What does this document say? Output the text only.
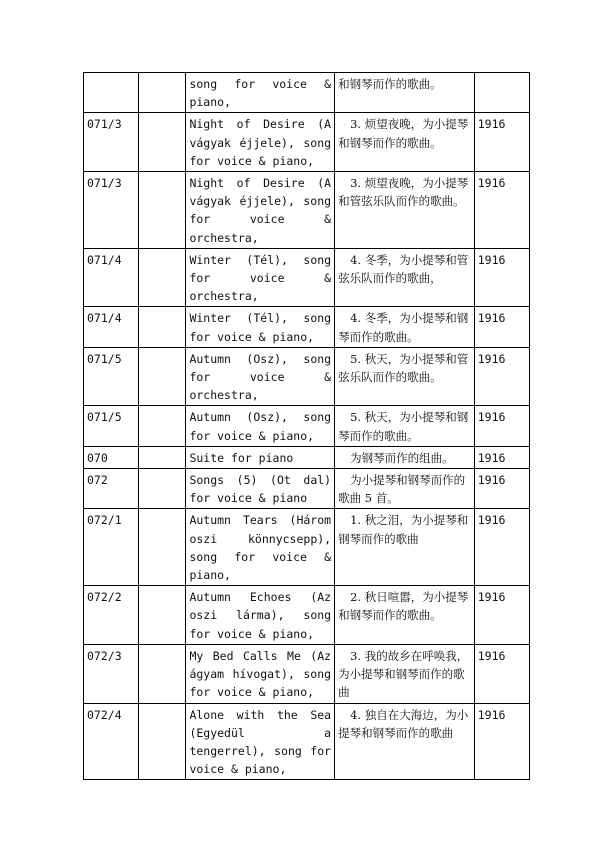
		song for voice & piano,	和钢琴而作的歌曲。	
071/3		Night of Desire (A vágyak éjjele), song for voice & piano,	3. 烦望夜晚，为小提琴和钢琴而作的歌曲。	1916
071/3		Night of Desire (A vágyak éjjele), song for voice & orchestra,	3. 烦望夜晚，为小提琴和管弦乐队而作的歌曲。	1916
071/4		Winter (Tél), song for voice & orchestra,	4. 冬季，为小提琴和管弦乐队而作的歌曲，	1916
071/4		Winter (Tél), song for voice & piano,	4. 冬季，为小提琴和钢琴而作的歌曲。	1916
071/5		Autumn (Osz), song for voice & orchestra,	5. 秋天，为小提琴和管弦乐队而作的歌曲。	1916
071/5		Autumn (Osz), song for voice & piano,	5. 秋天，为小提琴和钢琴而作的歌曲。	1916
070		Suite for piano	为钢琴而作的组曲。	1916
072		Songs (5) (Ot dal) for voice & piano	为小提琴和钢琴而作的歌曲 5 首。	1916
072/1		Autumn Tears (Három oszi könnycsepp), song for voice & piano,	1. 秋之泪，为小提琴和钢琴而作的歌曲	1916
072/2		Autumn Echoes (Az oszi lárma), song for voice & piano,	2. 秋日喧嚣，为小提琴和钢琴而作的歌曲。	1916
072/3		My Bed Calls Me (Az ágyam hívogat), song for voice & piano,	3. 我的故乡在呼唤我，为小提琴和钢琴而作的歌曲	1916
072/4		Alone with the Sea (Egyedül a tengerrel), song for voice & piano,	4. 独自在大海边，为小提琴和钢琴而作的歌曲	1916
